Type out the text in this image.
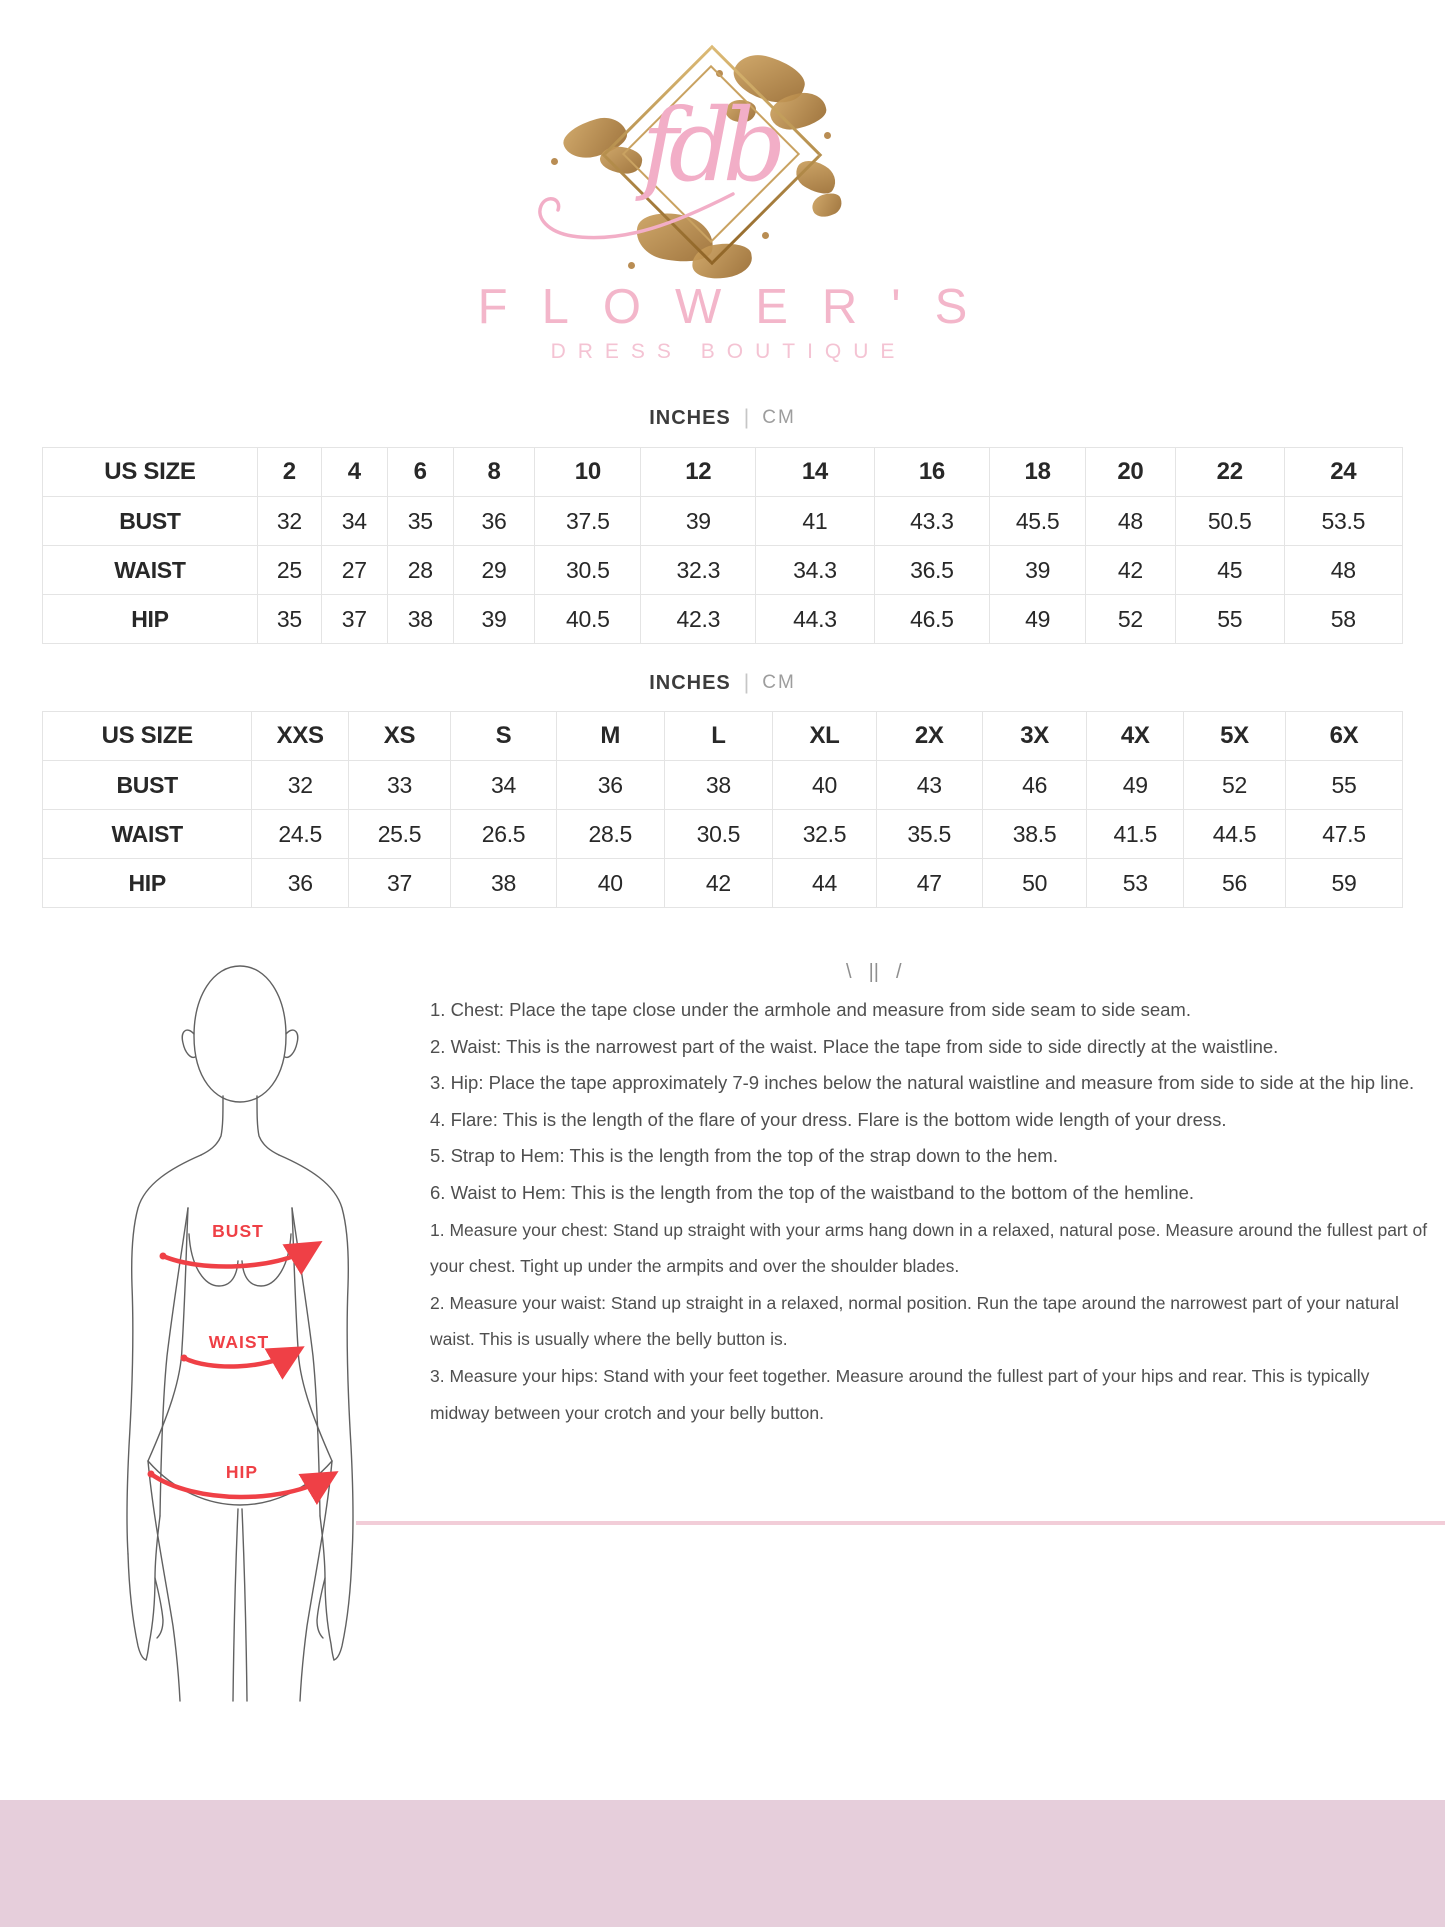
fdb
FLOWER'S
DRESS BOUTIQUE
INCHES | CM
INCHES | CM
US SIZE	2	4	6	8	10	12	14	16	18	20	22	24
BUST	32	34	35	36	37.5	39	41	43.3	45.5	48	50.5	53.5
WAIST	25	27	28	29	30.5	32.3	34.3	36.5	39	42	45	48
HIP	35	37	38	39	40.5	42.3	44.3	46.5	49	52	55	58
US SIZE	XXS	XS	S	M	L	XL	2X	3X	4X	5X	6X
BUST	32	33	34	36	38	40	43	46	49	52	55
WAIST	24.5	25.5	26.5	28.5	30.5	32.5	35.5	38.5	41.5	44.5	47.5
HIP	36	37	38	40	42	44	47	50	53	56	59
BUST
WAIST
HIP
\ || /

1. Chest: Place the tape close under the armhole and measure from side seam to side seam.

2. Waist: This is the narrowest part of the waist. Place the tape from side to side directly at the waistline.

3. Hip: Place the tape approximately 7-9 inches below the natural waistline and measure from side to side at the hip line.

4. Flare: This is the length of the flare of your dress. Flare is the bottom wide length of your dress.

5. Strap to Hem: This is the length from the top of the strap down to the hem.

6. Waist to Hem: This is the length from the top of the waistband to the bottom of the hemline.

1. Measure your chest: Stand up straight with your arms hang down in a relaxed, natural pose. Measure around the fullest part of your chest. Tight up under the armpits and over the shoulder blades.

2. Measure your waist: Stand up straight in a relaxed, normal position. Run the tape around the narrowest part of your natural waist. This is usually where the belly button is.

3. Measure your hips: Stand with your feet together. Measure around the fullest part of your hips and rear. This is typically midway between your crotch and your belly button.
